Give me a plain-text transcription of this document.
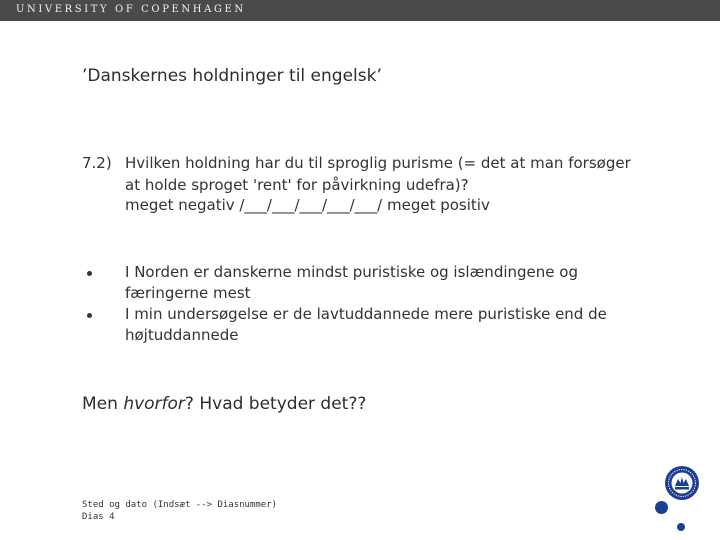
UNIVERSITY OF COPENHAGEN
’Danskernes holdninger til engelsk’
7.2) Hvilken holdning har du til sproglig purisme (= det at man forsøger at holde sproget 'rent' for påvirkning udefra)?
meget negativ /___/___/___/___/___/ meget positiv
I Norden er danskerne mindst puristiske og islændingene og færingerne mest
I min undersøgelse er de lavtuddannede mere puristiske end de højtuddannede
Men hvorfor? Hvad betyder det??
Sted og dato (Indsæt --> Diasnummer)
Dias 4
